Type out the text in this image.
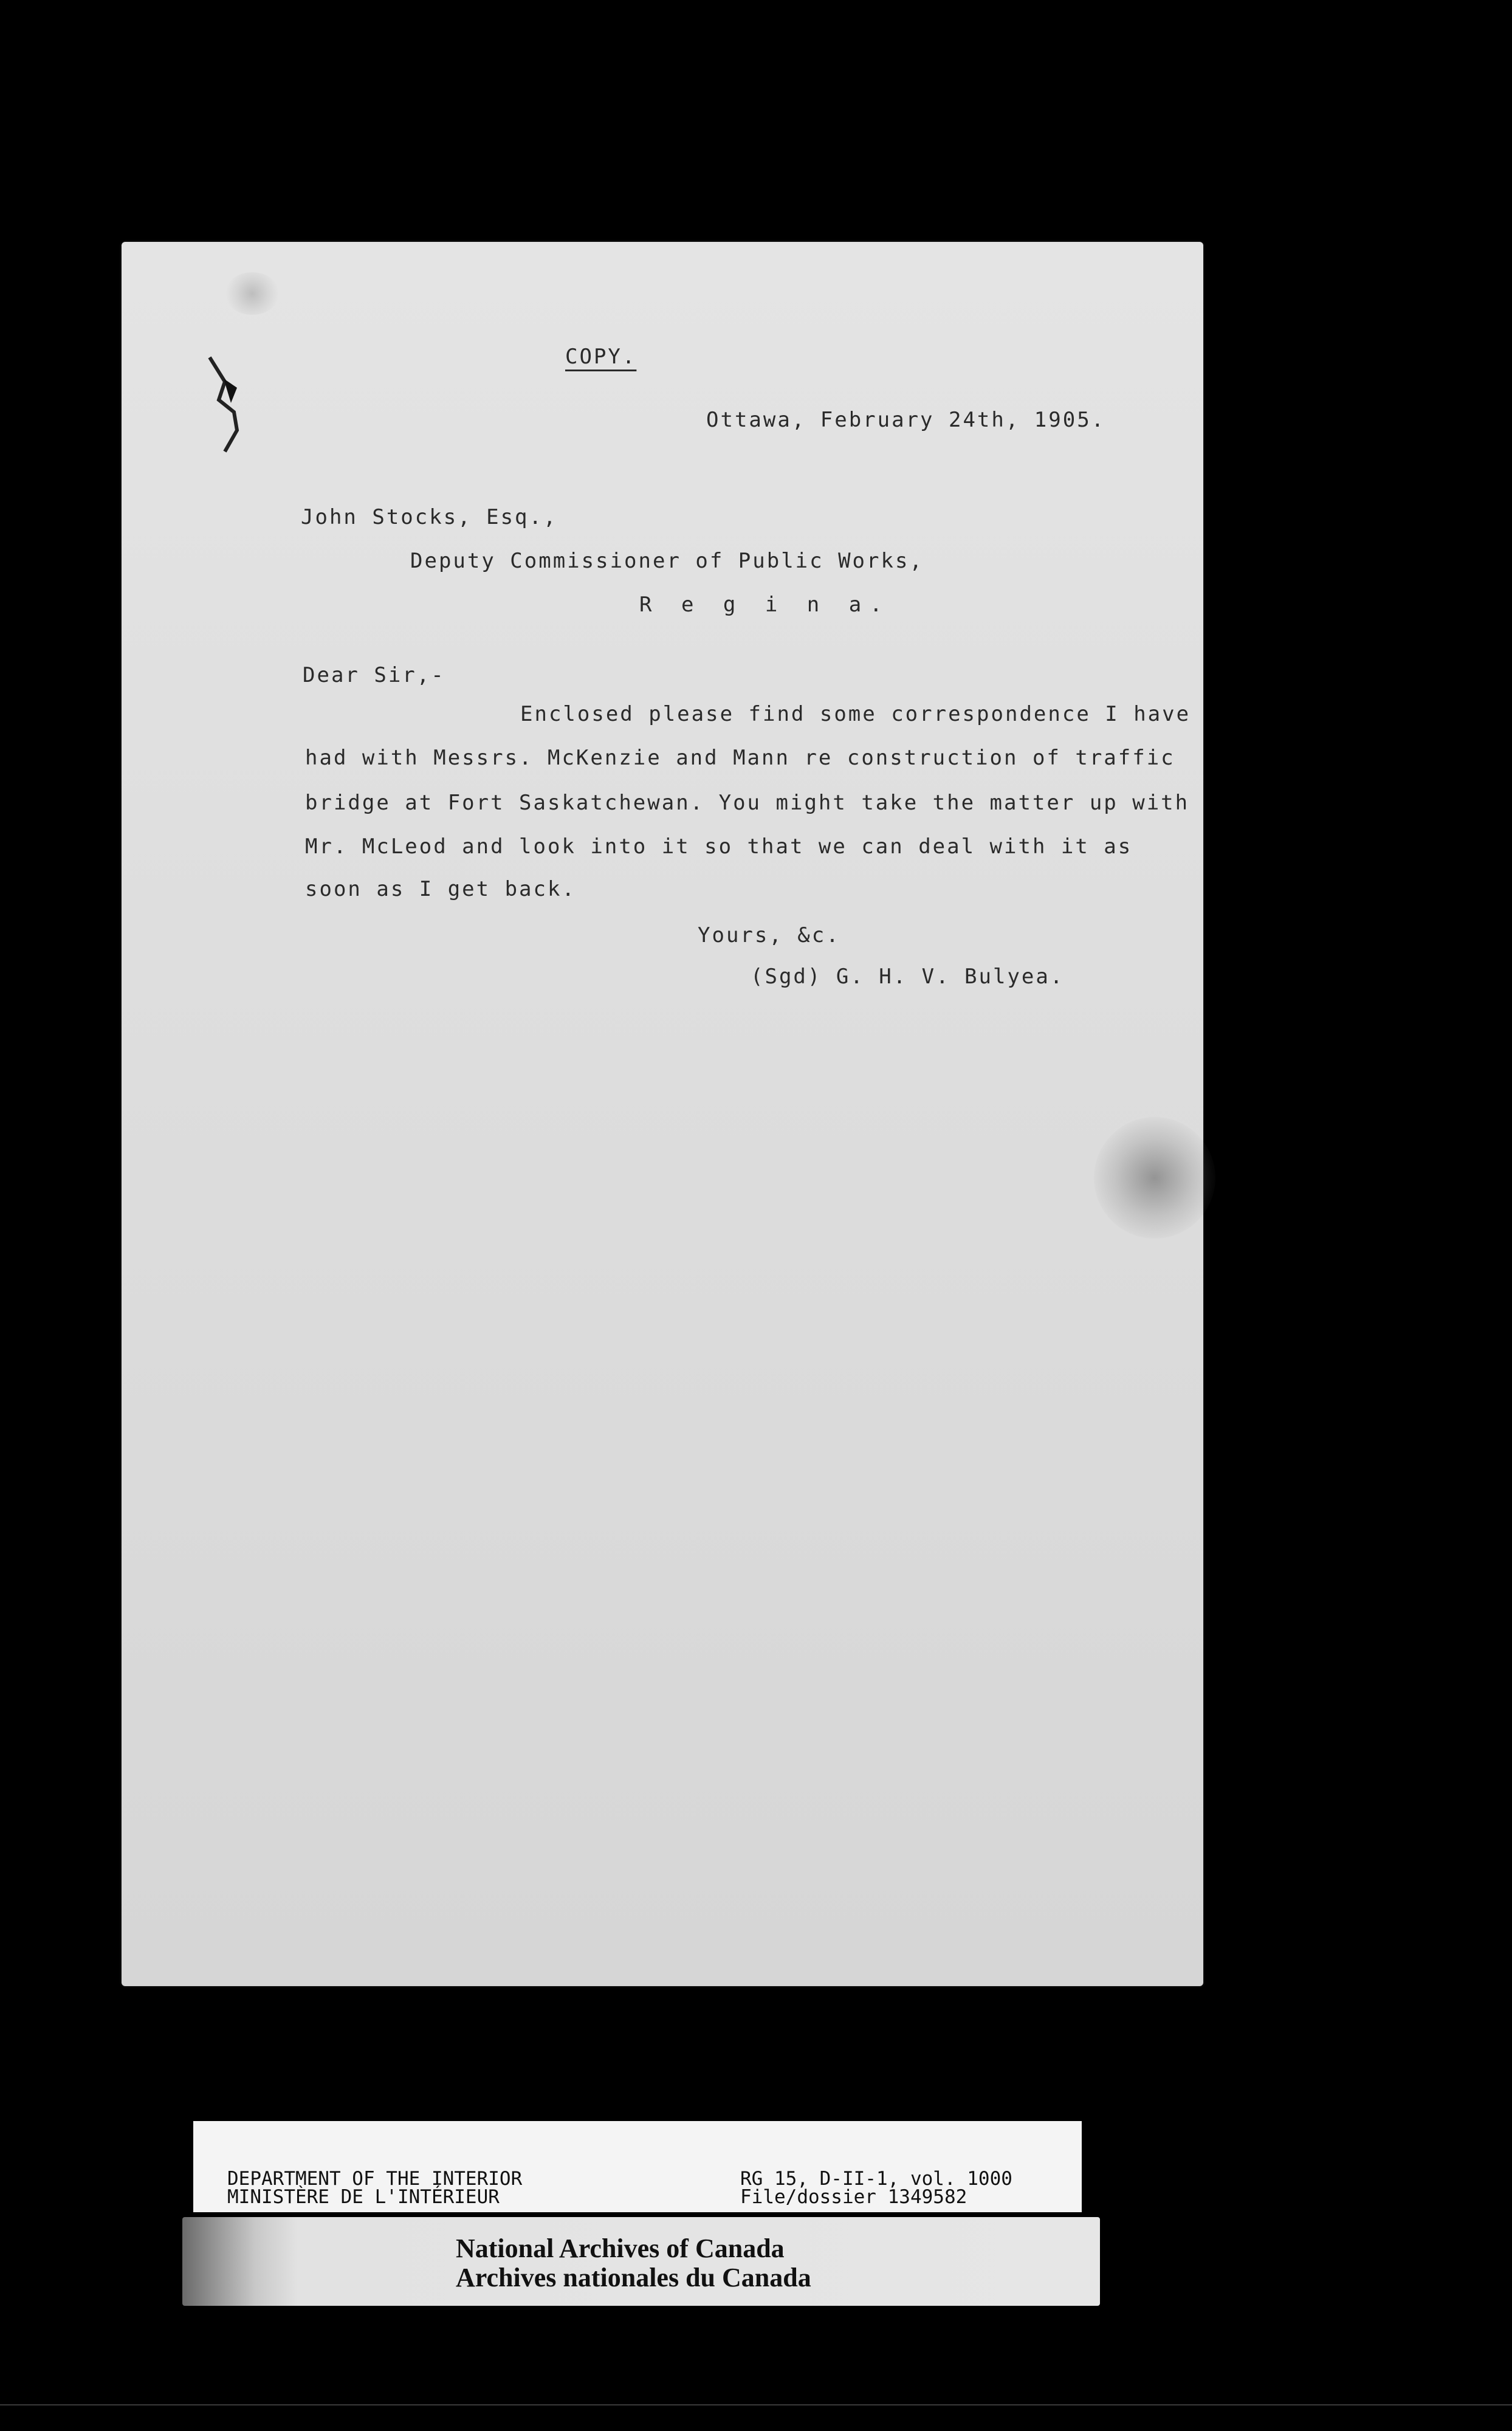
COPY.
Ottawa, February 24th, 1905.
John Stocks, Esq.,
Deputy Commissioner of Public Works,
R e g i n a.
Dear Sir,-
Enclosed please find some correspondence I have
had with Messrs. McKenzie and Mann re construction of traffic
bridge at Fort Saskatchewan. You might take the matter up with
Mr. McLeod and look into it so that we can deal with it as
soon as I get back.
Yours, &c.
(Sgd) G. H. V. Bulyea.
DEPARTMENT OF THE INTERIOR
MINISTÈRE DE L'INTÉRIEUR
RG 15, D-II-1, vol. 1000
File/dossier 1349582
National Archives of Canada
Archives nationales du Canada
